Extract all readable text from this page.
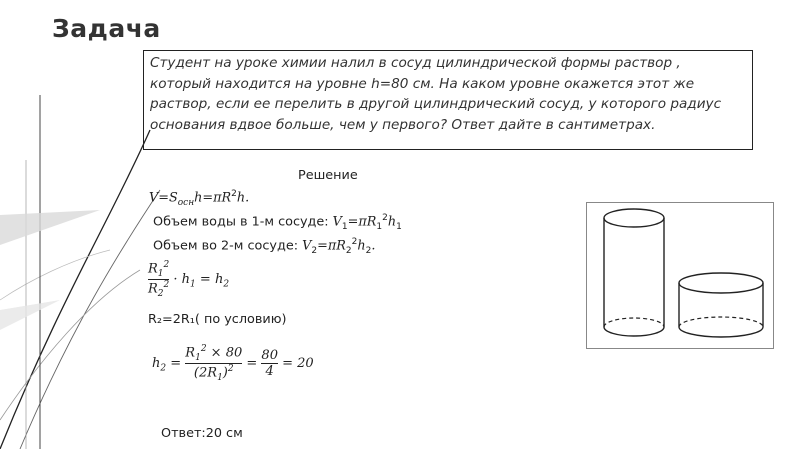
Задача
Студент на уроке химии налил в сосуд цилиндрической формы раствор , который находится на уровне h=80 см. На каком уровне окажется этот же раствор, если ее перелить в другой цилиндрический сосуд, у которого радиус основания вдвое больше, чем у первого? Ответ дайте в сантиметрах.
Решение
$V=S_{осн}h=\pi R^2h$.
Объем воды в 1-м сосуде: $V_1=\pi R_1^2h_1$
Объем во 2-м сосуде: $V_2=\pi R_2^2h_2$.
$\frac{R_1^2}{R_2^2} \cdot h_1 = h_2$
R₂=2R₁( по условию)
$h_2 = \frac{R_1^2 \times 80}{(2R_1)^2} = \frac{80}{4} = 20$
Ответ:20 см
